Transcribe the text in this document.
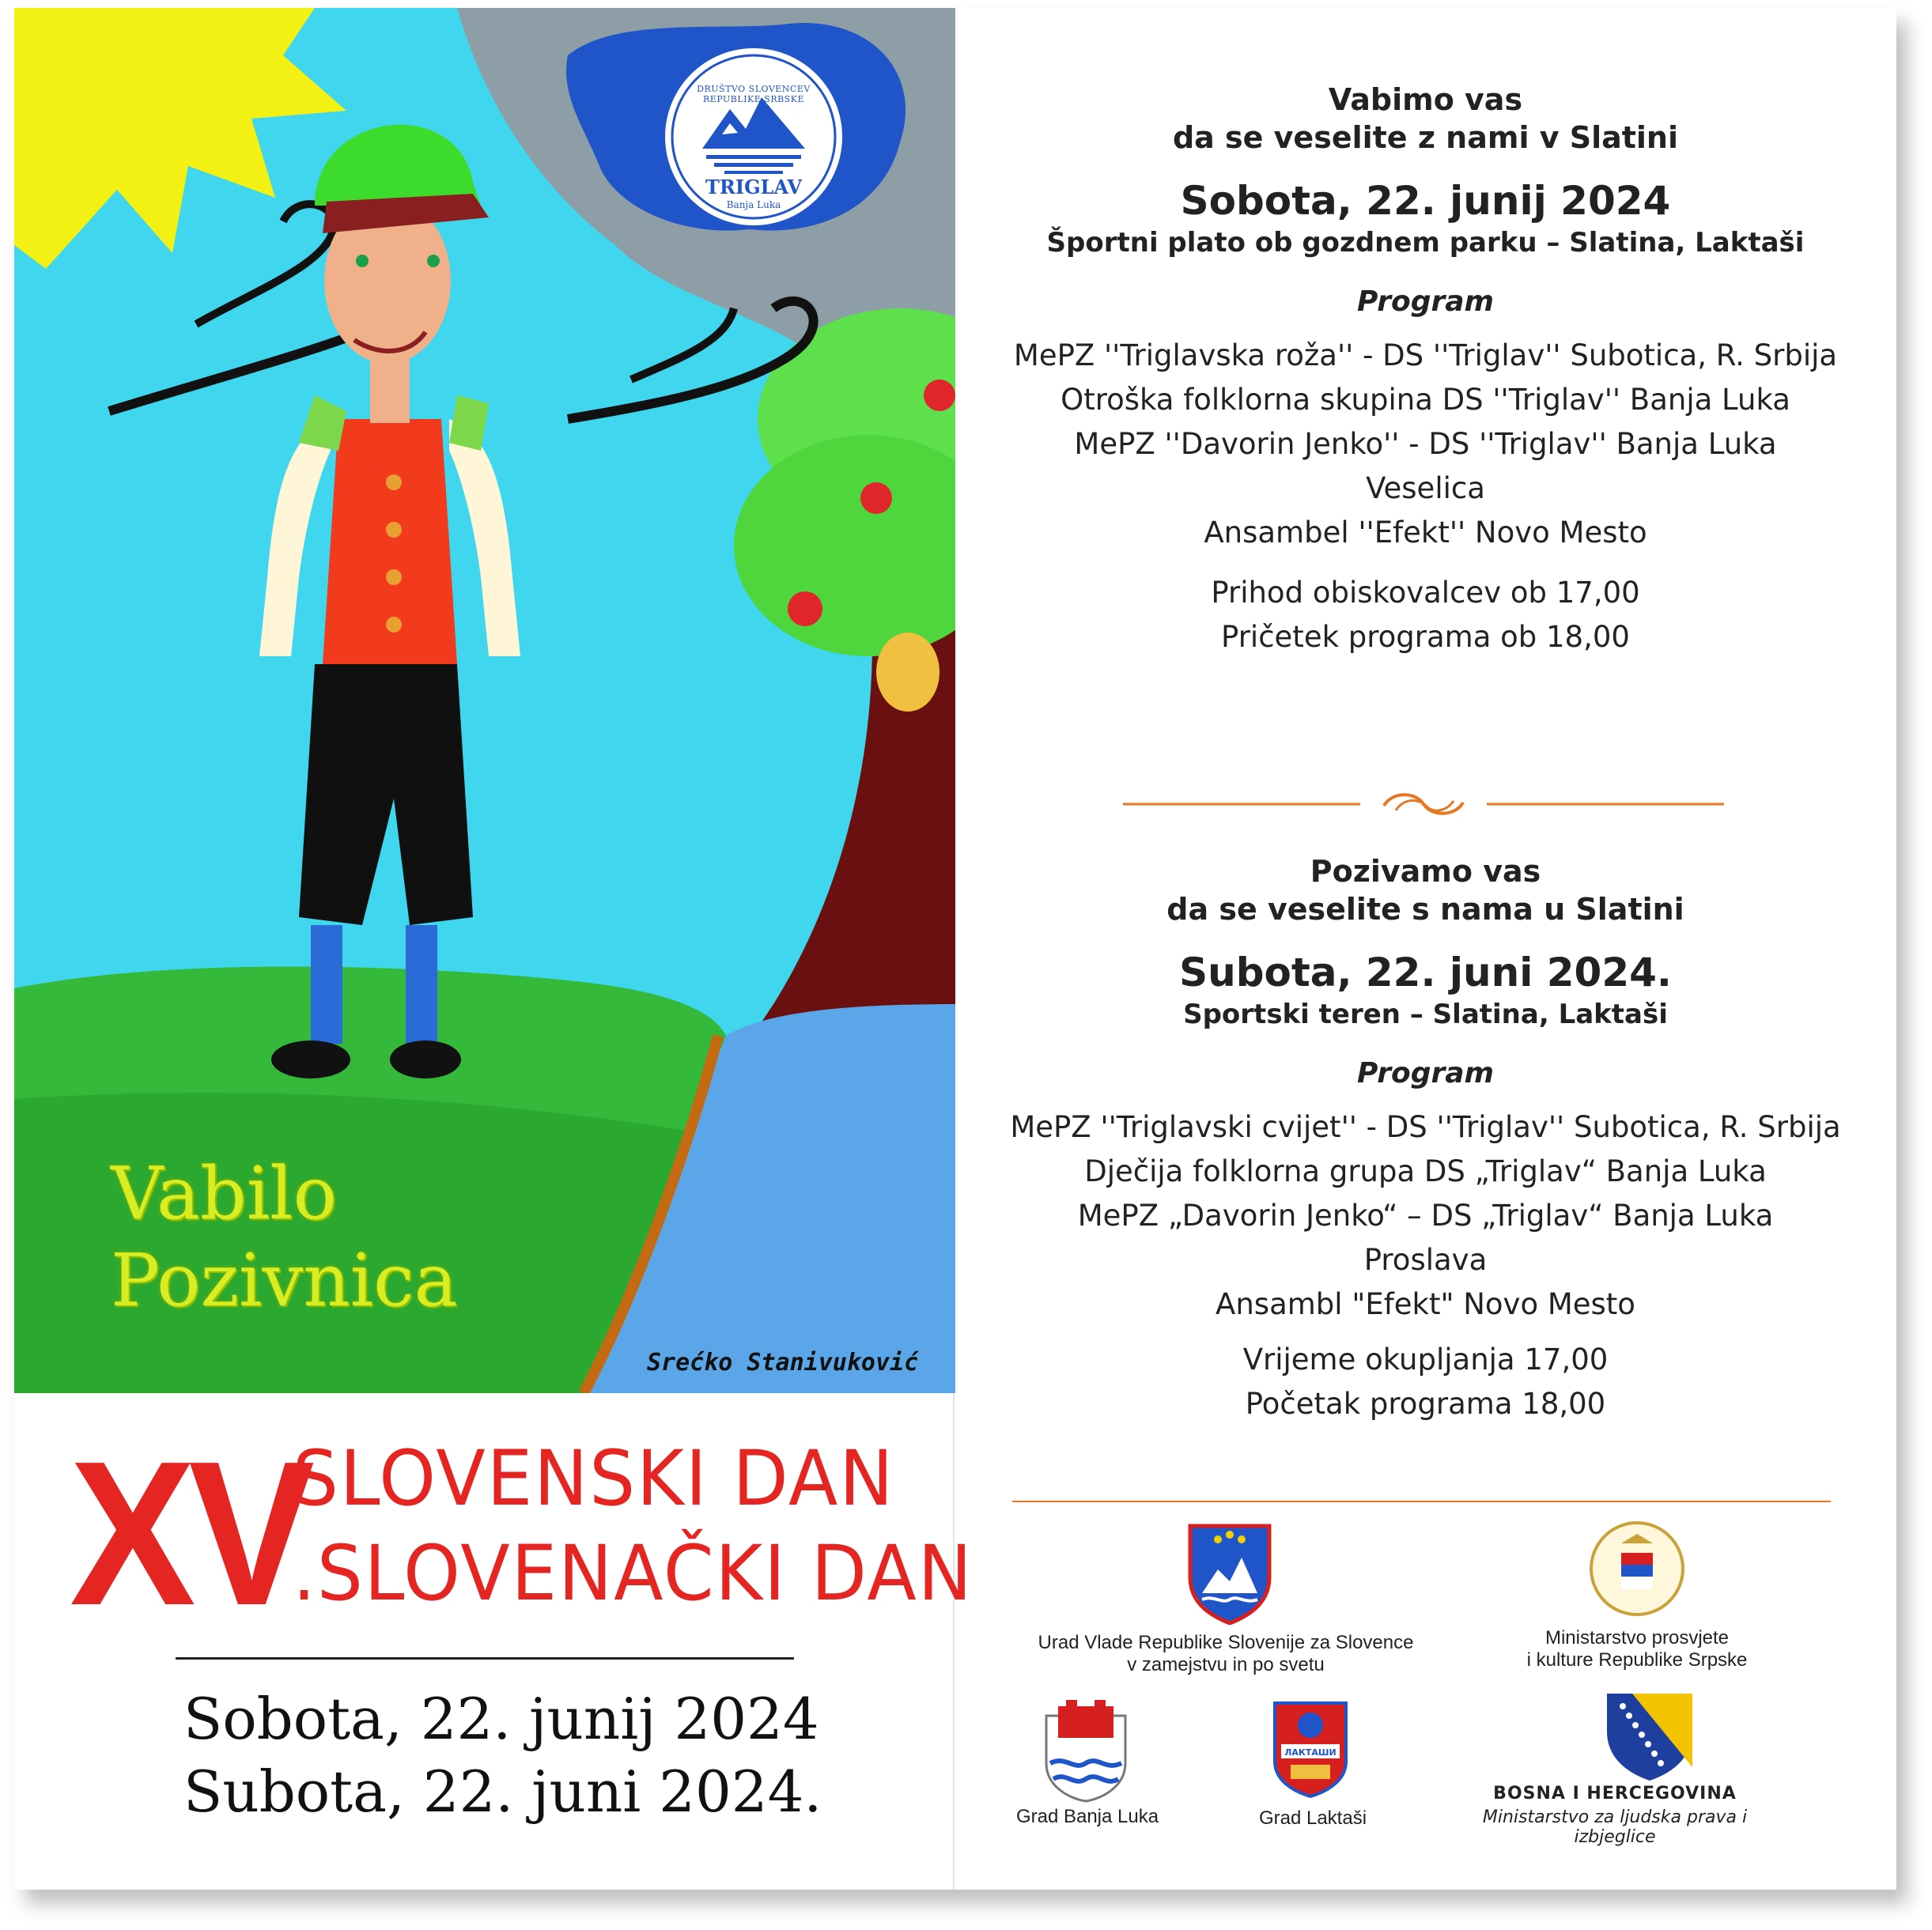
DRUŠTVO SLOVENCEV REPUBLIKE SRBSKE
TRIGLAV
Banja Luka
Vabilo
Pozivnica
Srećko Stanivuković
XV
SLOVENSKI DAN
.SLOVENAČKI DAN
Sobota, 22. junij 2024
Subota, 22. juni 2024.
Vabimo vas
da se veselite z nami v Slatini
Sobota, 22. junij 2024
Športni plato ob gozdnem parku – Slatina, Laktaši
Program
MePZ ''Triglavska roža'' - DS ''Triglav'' Subotica, R. Srbija
Otroška folklorna skupina DS ''Triglav'' Banja Luka
MePZ ''Davorin Jenko'' - DS ''Triglav'' Banja Luka
Veselica
Ansambel ''Efekt'' Novo Mesto
Prihod obiskovalcev ob 17,00
Pričetek programa ob 18,00
Pozivamo vas
da se veselite s nama u Slatini
Subota, 22. juni 2024.
Sportski teren – Slatina, Laktaši
Program
MePZ ''Triglavski cvijet'' - DS ''Triglav'' Subotica, R. Srbija
Dječija folklorna grupa DS „Triglav“ Banja Luka
MePZ „Davorin Jenko“ – DS „Triglav“ Banja Luka
Proslava
Ansambl "Efekt" Novo Mesto
Vrijeme okupljanja 17,00
Početak programa 18,00
Urad Vlade Republike Slovenije za Slovence
v zamejstvu in po svetu
Ministarstvo prosvjete
i kulture Republike Srpske
Grad Banja Luka
ЛАКТАШИ
Grad Laktaši
BOSNA I HERCEGOVINA
Ministarstvo za ljudska prava i izbjeglice
